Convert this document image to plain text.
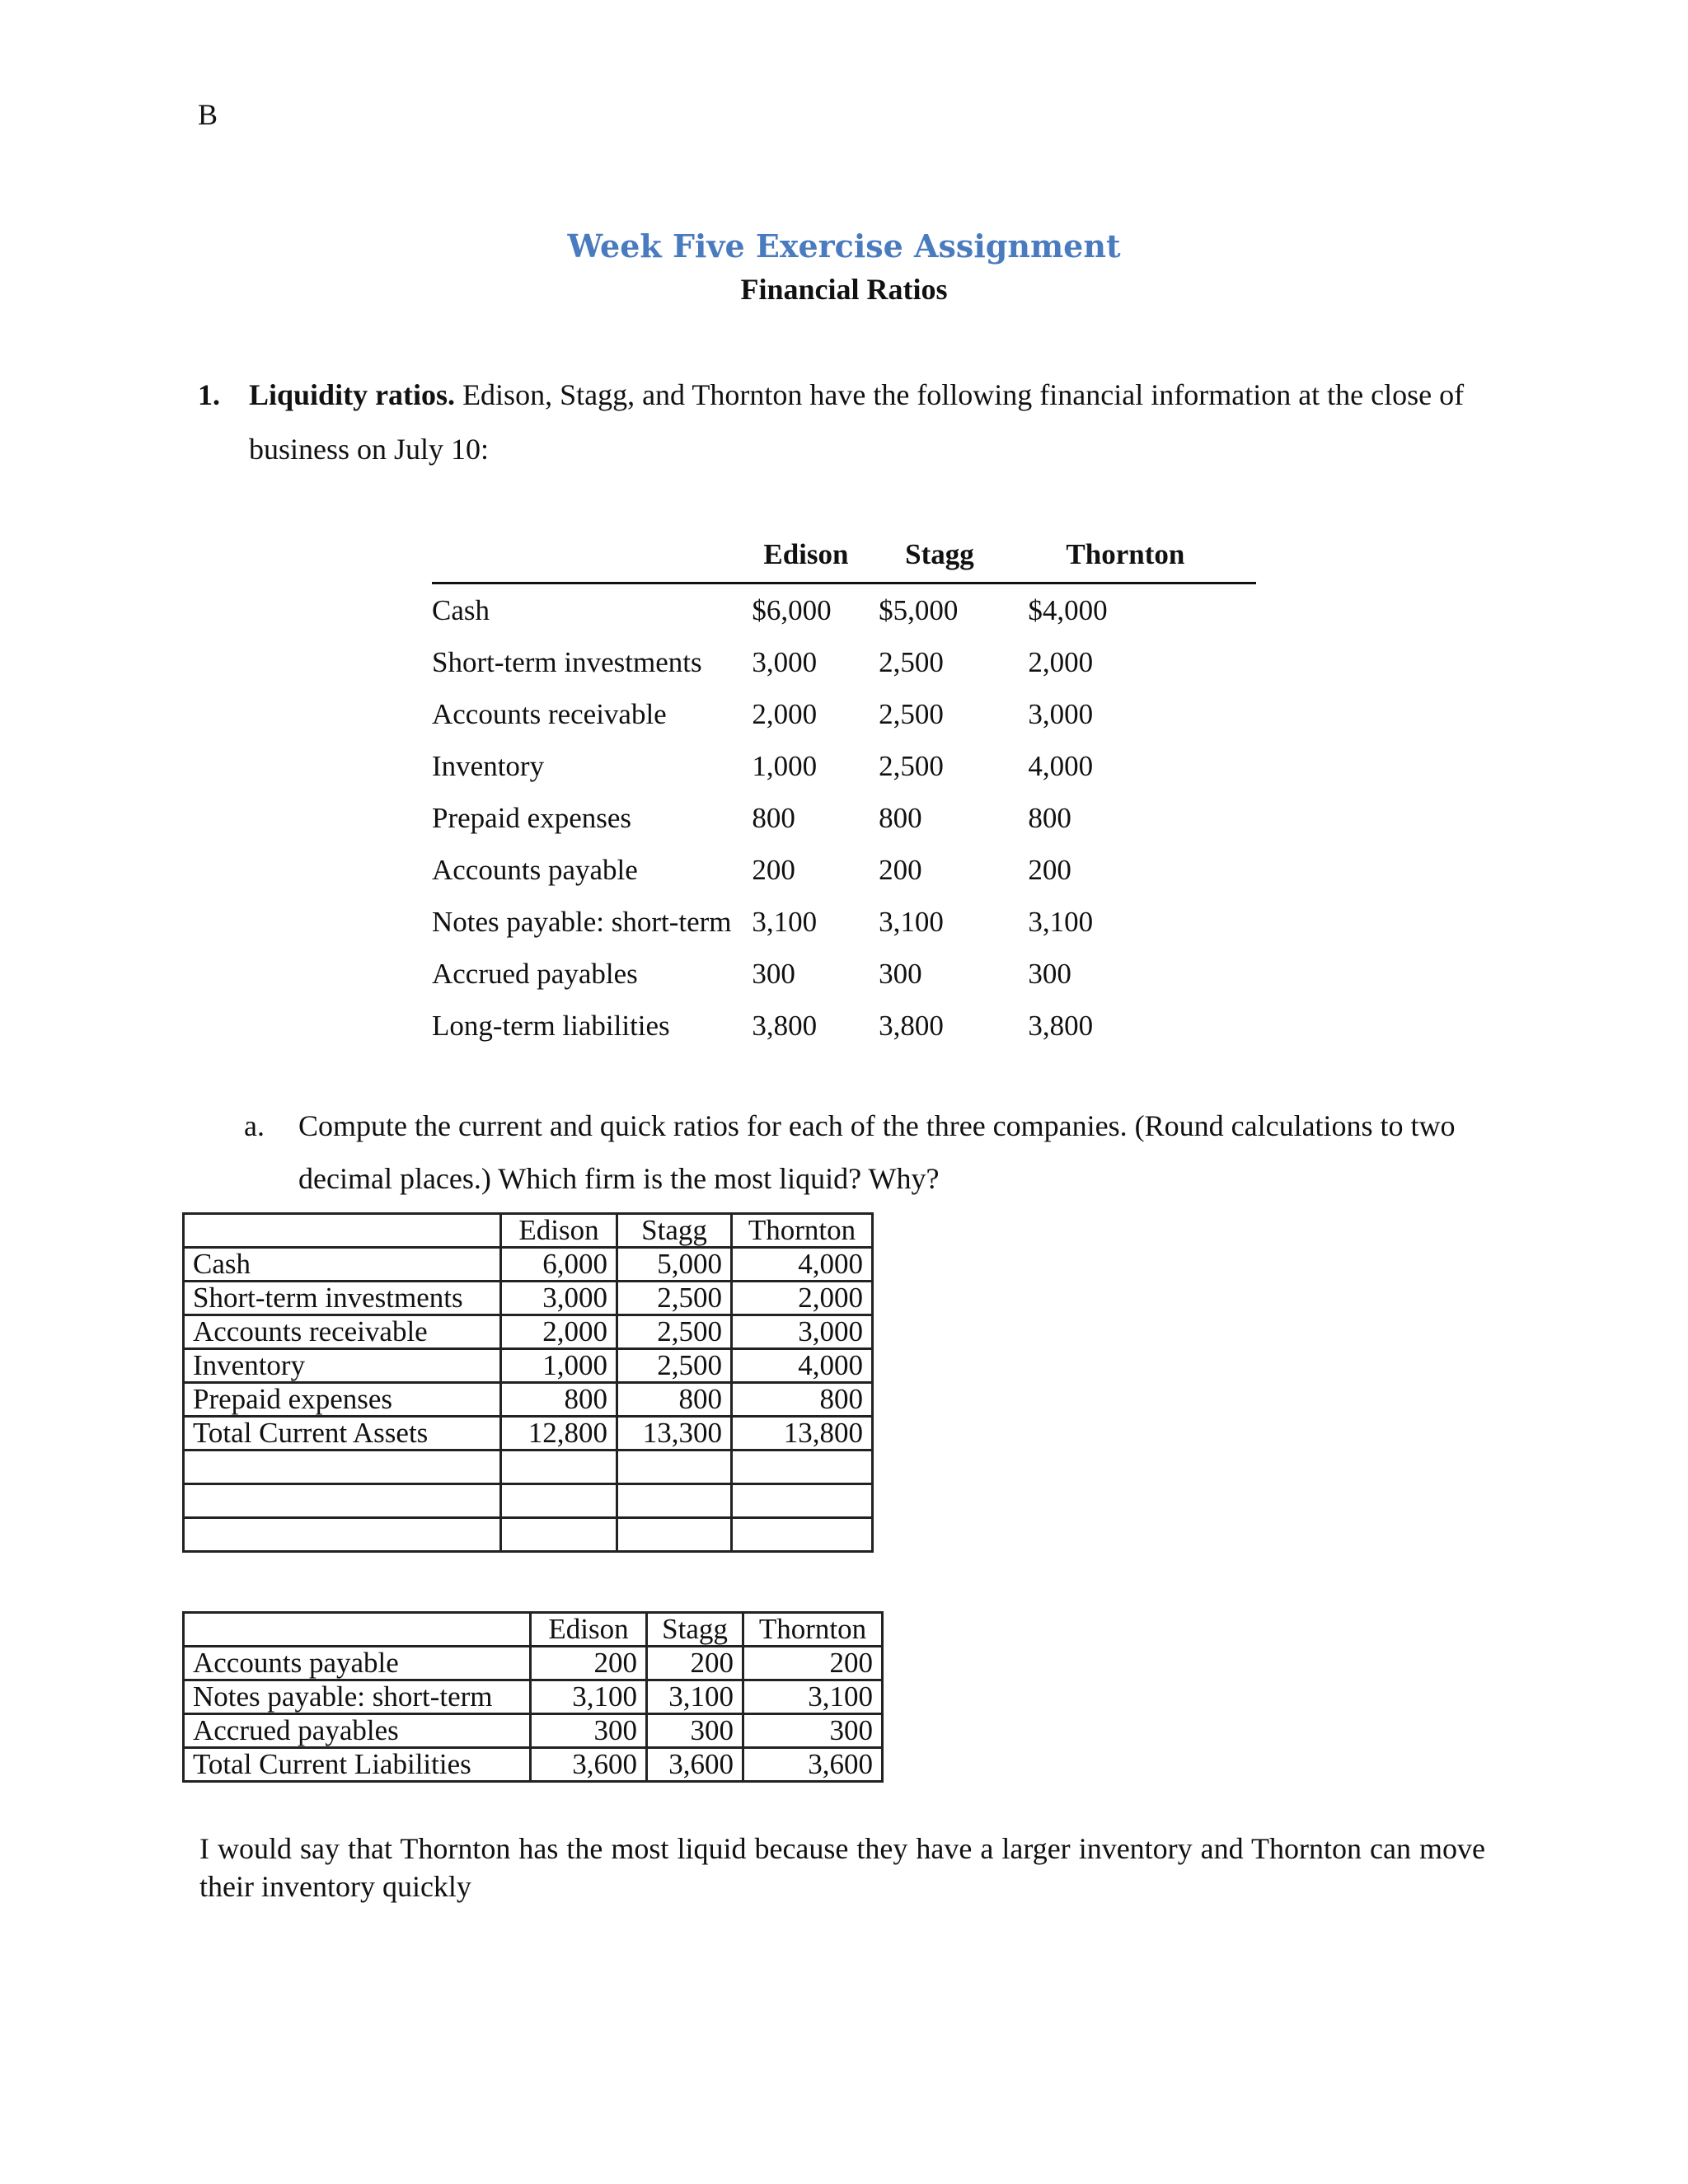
B
Week Five Exercise Assignment
Financial Ratios
1. Liquidity ratios. Edison, Stagg, and Thornton have the following financial information at the close of business on July 10:
	Edison	Stagg	Thornton
Cash	$6,000	$5,000	$4,000
Short-term investments	3,000	2,500	2,000
Accounts receivable	2,000	2,500	3,000
Inventory	1,000	2,500	4,000
Prepaid expenses	800	800	800
Accounts payable	200	200	200
Notes payable: short-term	3,100	3,100	3,100
Accrued payables	300	300	300
Long-term liabilities	3,800	3,800	3,800
a. Compute the current and quick ratios for each of the three companies. (Round calculations to two decimal places.) Which firm is the most liquid? Why?
	Edison	Stagg	Thornton
Cash	6,000	5,000	4,000
Short-term investments	3,000	2,500	2,000
Accounts receivable	2,000	2,500	3,000
Inventory	1,000	2,500	4,000
Prepaid expenses	800	800	800
Total Current Assets	12,800	13,300	13,800

	Edison	Stagg	Thornton
Accounts payable	200	200	200
Notes payable: short-term	3,100	3,100	3,100
Accrued payables	300	300	300
Total Current Liabilities	3,600	3,600	3,600
I would say that Thornton has the most liquid because they have a larger inventory and Thornton can move their inventory quickly
